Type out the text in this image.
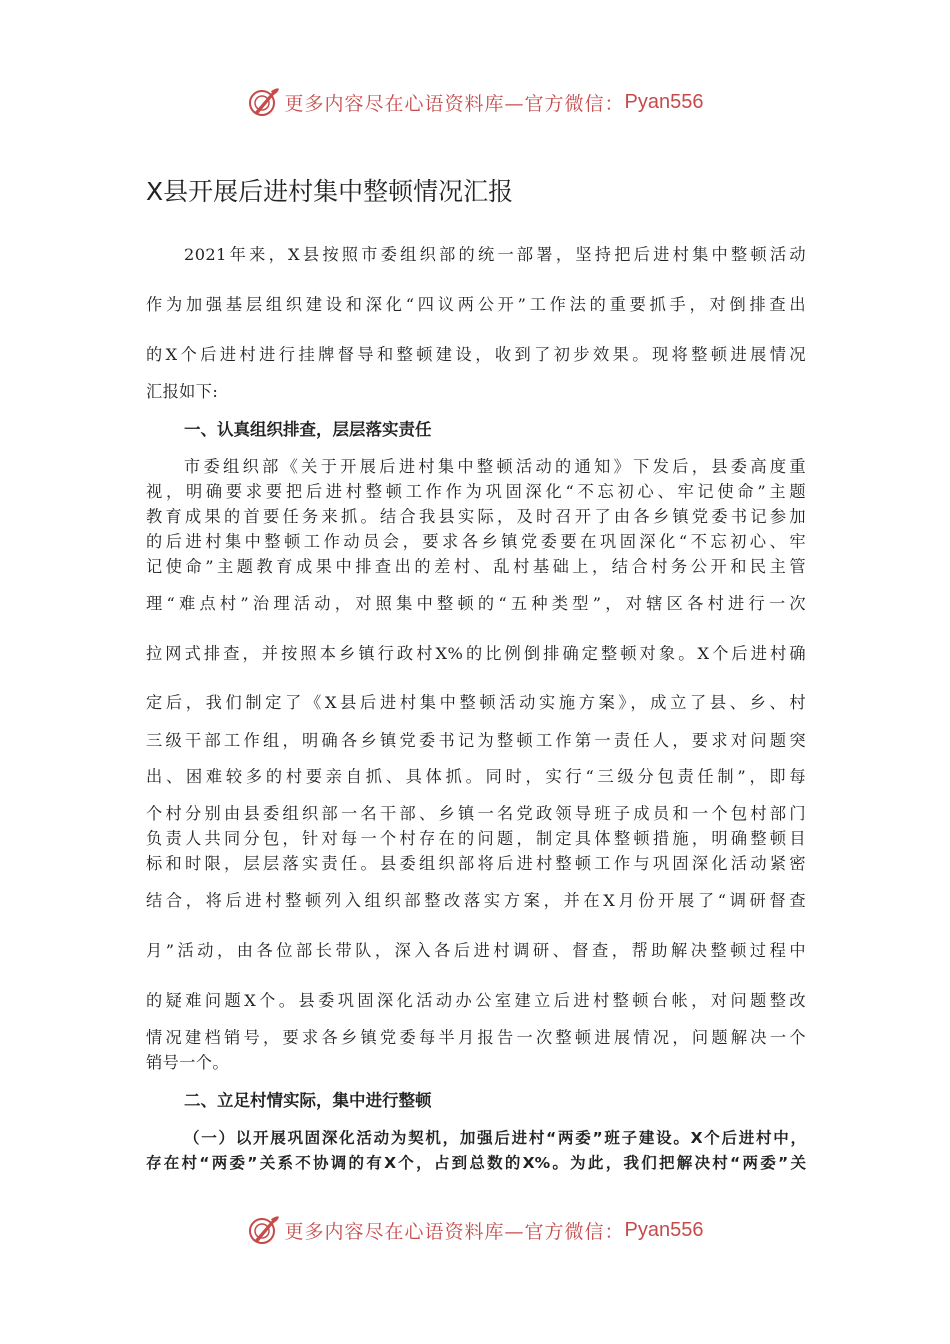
更多内容尽在心语资料库—官方微信： Pyan556
X县开展后进村集中整顿情况汇报
2021年来，X县按照市委组织部的统一部署，坚持把后进村集中整顿活动
作为加强基层组织建设和深化“四议两公开”工作法的重要抓手，对倒排查出
的X个后进村进行挂牌督导和整顿建设，收到了初步效果。现将整顿进展情况
汇报如下:
一、认真组织排查，层层落实责任
市委组织部《关于开展后进村集中整顿活动的通知》下发后，县委高度重
视，明确要求要把后进村整顿工作作为巩固深化“不忘初心、牢记使命”主题
教育成果的首要任务来抓。结合我县实际，及时召开了由各乡镇党委书记参加
的后进村集中整顿工作动员会，要求各乡镇党委要在巩固深化“不忘初心、牢
记使命”主题教育成果中排查出的差村、乱村基础上，结合村务公开和民主管
理“难点村”治理活动，对照集中整顿的“五种类型”，对辖区各村进行一次
拉网式排查，并按照本乡镇行政村X%的比例倒排确定整顿对象。X个后进村确
定后，我们制定了《X县后进村集中整顿活动实施方案》，成立了县、乡、村
三级干部工作组，明确各乡镇党委书记为整顿工作第一责任人，要求对问题突
出、困难较多的村要亲自抓、具体抓。同时，实行“三级分包责任制”，即每
个村分别由县委组织部一名干部、乡镇一名党政领导班子成员和一个包村部门
负责人共同分包，针对每一个村存在的问题，制定具体整顿措施，明确整顿目
标和时限，层层落实责任。县委组织部将后进村整顿工作与巩固深化活动紧密
结合，将后进村整顿列入组织部整改落实方案，并在X月份开展了“调研督查
月”活动，由各位部长带队，深入各后进村调研、督查，帮助解决整顿过程中
的疑难问题X个。县委巩固深化活动办公室建立后进村整顿台帐，对问题整改
情况建档销号，要求各乡镇党委每半月报告一次整顿进展情况，问题解决一个
销号一个。
二、立足村情实际，集中进行整顿
（一）以开展巩固深化活动为契机，加强后进村“两委”班子建设。X个后进村中，
存在村“两委”关系不协调的有X个，占到总数的X%。为此，我们把解决村“两委”关
更多内容尽在心语资料库—官方微信： Pyan556
